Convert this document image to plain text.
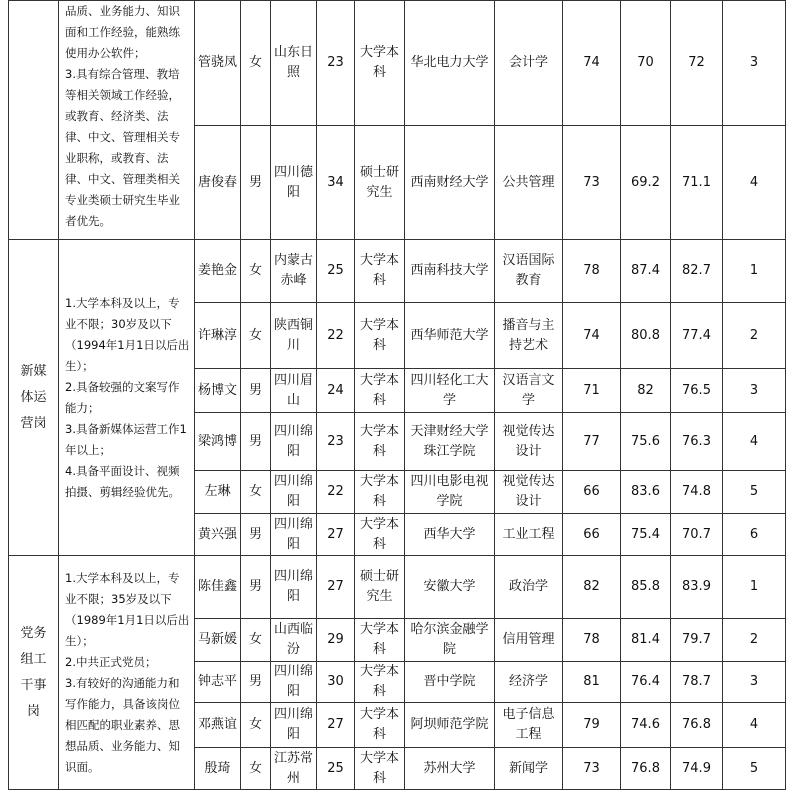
	品质、业务能力、知识面和工作经验，能熟练使用办公软件；
3.具有综合管理、教培等相关领域工作经验，或教育、经济类、法律、中文、管理相关专业职称，或教育、法律、中文、管理类相关专业类硕士研究生毕业者优先。	管骁凤	女	山东日照	23	大学本科	华北电力大学	会计学	74	70	72	3
		唐俊春	男	四川德阳	34	硕士研究生	西南财经大学	公共管理	73	69.2	71.1	4
新媒体运营岗	1.大学本科及以上，专业不限；30岁及以下（1994年1月1日以后出生）；
2.具备较强的文案写作能力；
3.具备新媒体运营工作1年以上；
4.具备平面设计、视频拍摄、剪辑经验优先。	姜艳金	女	内蒙古赤峰	25	大学本科	西南科技大学	汉语国际教育	78	87.4	82.7	1
		许琳淳	女	陕西铜川	22	大学本科	西华师范大学	播音与主持艺术	74	80.8	77.4	2
		杨博文	男	四川眉山	24	大学本科	四川轻化工大学	汉语言文学	71	82	76.5	3
		梁鸿博	男	四川绵阳	23	大学本科	天津财经大学珠江学院	视觉传达设计	77	75.6	76.3	4
		左琳	女	四川绵阳	22	大学本科	四川电影电视学院	视觉传达设计	66	83.6	74.8	5
		黄兴强	男	四川绵阳	27	大学本科	西华大学	工业工程	66	75.4	70.7	6
党务组工干事岗	1.大学本科及以上，专业不限；35岁及以下（1989年1月1日以后出生）；
2.中共正式党员；
3.有较好的沟通能力和写作能力，具备该岗位相匹配的职业素养、思想品质、业务能力、知识面。	陈佳鑫	男	四川绵阳	27	硕士研究生	安徽大学	政治学	82	85.8	83.9	1
		马新媛	女	山西临汾	29	大学本科	哈尔滨金融学院	信用管理	78	81.4	79.7	2
		钟志平	男	四川绵阳	30	大学本科	晋中学院	经济学	81	76.4	78.7	3
		邓燕谊	女	四川绵阳	27	大学本科	阿坝师范学院	电子信息工程	79	74.6	76.8	4
		殷琦	女	江苏常州	25	大学本科	苏州大学	新闻学	73	76.8	74.9	5
